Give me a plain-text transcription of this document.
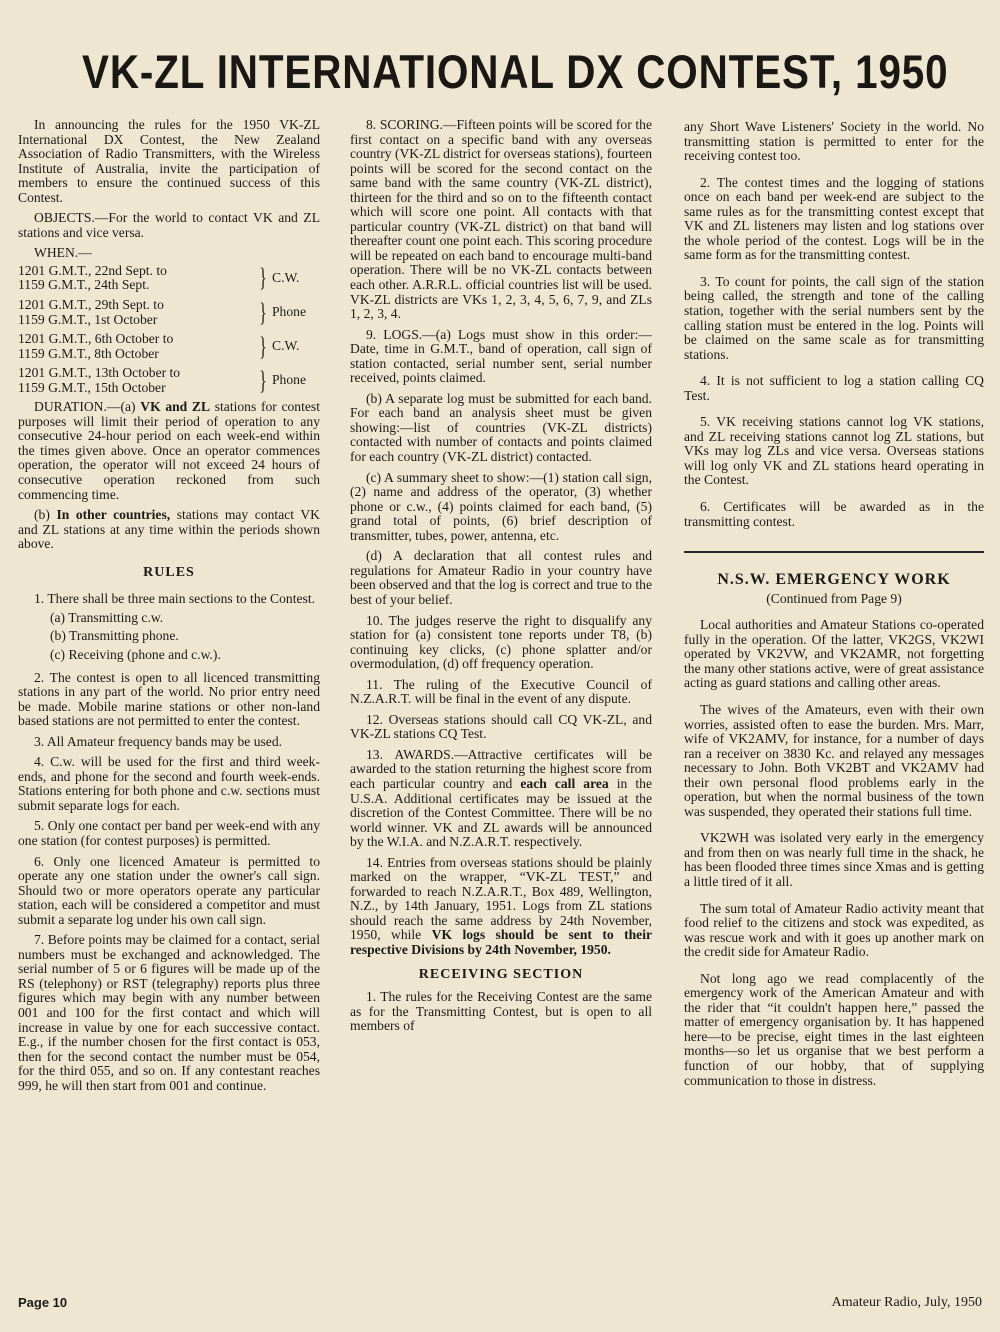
VK-ZL INTERNATIONAL DX CONTEST, 1950

In announcing the rules for the 1950 VK-ZL International DX Contest, the New Zealand Association of Radio Transmitters, with the Wireless Institute of Australia, invite the participation of members to ensure the continued success of this Contest.

OBJECTS.—For the world to contact VK and ZL stations and vice versa.

WHEN.—

1201 G.M.T., 22nd Sept. to
1159 G.M.T., 24th Sept.	} C.W.
1201 G.M.T., 29th Sept. to
1159 G.M.T., 1st October	} Phone
1201 G.M.T., 6th October to
1159 G.M.T., 8th October	} C.W.
1201 G.M.T., 13th October to
1159 G.M.T., 15th October	} Phone

DURATION.—(a) VK and ZL stations for contest purposes will limit their period of operation to any consecutive 24-hour period on each week-end within the times given above. Once an operator commences operation, the operator will not exceed 24 hours of consecutive operation reckoned from such commencing time.

(b) In other countries, stations may contact VK and ZL stations at any time within the periods shown above.

RULES

1. There shall be three main sections to the Contest.

(a) Transmitting c.w.

(b) Transmitting phone.

(c) Receiving (phone and c.w.).

2. The contest is open to all licenced transmitting stations in any part of the world. No prior entry need be made. Mobile marine stations or other non-land based stations are not permitted to enter the contest.

3. All Amateur frequency bands may be used.

4. C.w. will be used for the first and third week-ends, and phone for the second and fourth week-ends. Stations entering for both phone and c.w. sections must submit separate logs for each.

5. Only one contact per band per week-end with any one station (for contest purposes) is permitted.

6. Only one licenced Amateur is permitted to operate any one station under the owner's call sign. Should two or more operators operate any particular station, each will be considered a competitor and must submit a separate log under his own call sign.

7. Before points may be claimed for a contact, serial numbers must be exchanged and acknowledged. The serial number of 5 or 6 figures will be made up of the RS (telephony) or RST (telegraphy) reports plus three figures which may begin with any number between 001 and 100 for the first contact and which will increase in value by one for each successive contact. E.g., if the number chosen for the first contact is 053, then for the second contact the number must be 054, for the third 055, and so on. If any contestant reaches 999, he will then start from 001 and continue.

8. SCORING.—Fifteen points will be scored for the first contact on a specific band with any overseas country (VK-ZL district for overseas stations), fourteen points will be scored for the second contact on the same band with the same country (VK-ZL district), thirteen for the third and so on to the fifteenth contact which will score one point. All contacts with that particular country (VK-ZL district) on that band will thereafter count one point each. This scoring procedure will be repeated on each band to encourage multi-band operation. There will be no VK-ZL contacts between each other. A.R.R.L. official countries list will be used. VK-ZL districts are VKs 1, 2, 3, 4, 5, 6, 7, 9, and ZLs 1, 2, 3, 4.

9. LOGS.—(a) Logs must show in this order:—Date, time in G.M.T., band of operation, call sign of station contacted, serial number sent, serial number received, points claimed.

(b) A separate log must be submitted for each band. For each band an analysis sheet must be given showing:—list of countries (VK-ZL districts) contacted with number of contacts and points claimed for each country (VK-ZL district) contacted.

(c) A summary sheet to show:—(1) station call sign, (2) name and address of the operator, (3) whether phone or c.w., (4) points claimed for each band, (5) grand total of points, (6) brief description of transmitter, tubes, power, antenna, etc.

(d) A declaration that all contest rules and regulations for Amateur Radio in your country have been observed and that the log is correct and true to the best of your belief.

10. The judges reserve the right to disqualify any station for (a) consistent tone reports under T8, (b) continuing key clicks, (c) phone splatter and/or overmodulation, (d) off frequency operation.

11. The ruling of the Executive Council of N.Z.A.R.T. will be final in the event of any dispute.

12. Overseas stations should call CQ VK-ZL, and VK-ZL stations CQ Test.

13. AWARDS.—Attractive certificates will be awarded to the station returning the highest score from each particular country and each call area in the U.S.A. Additional certificates may be issued at the discretion of the Contest Committee. There will be no world winner. VK and ZL awards will be announced by the W.I.A. and N.Z.A.R.T. respectively.

14. Entries from overseas stations should be plainly marked on the wrapper, “VK-ZL TEST,” and forwarded to reach N.Z.A.R.T., Box 489, Wellington, N.Z., by 14th January, 1951. Logs from ZL stations should reach the same address by 24th November, 1950, while VK logs should be sent to their respective Divisions by 24th November, 1950.

RECEIVING SECTION

1. The rules for the Receiving Contest are the same as for the Transmitting Contest, but is open to all members of

any Short Wave Listeners' Society in the world. No transmitting station is permitted to enter for the receiving contest too.

2. The contest times and the logging of stations once on each band per week-end are subject to the same rules as for the transmitting contest except that VK and ZL listeners may listen and log stations over the whole period of the contest. Logs will be in the same form as for the transmitting contest.

3. To count for points, the call sign of the station being called, the strength and tone of the calling station, together with the serial numbers sent by the calling station must be entered in the log. Points will be claimed on the same scale as for transmitting stations.

4. It is not sufficient to log a station calling CQ Test.

5. VK receiving stations cannot log VK stations, and ZL receiving stations cannot log ZL stations, but VKs may log ZLs and vice versa. Overseas stations will log only VK and ZL stations heard operating in the Contest.

6. Certificates will be awarded as in the transmitting contest.

N.S.W. EMERGENCY WORK

(Continued from Page 9)

Local authorities and Amateur Stations co-operated fully in the operation. Of the latter, VK2GS, VK2WI operated by VK2VW, and VK2AMR, not forgetting the many other stations active, were of great assistance acting as guard stations and calling other areas.

The wives of the Amateurs, even with their own worries, assisted often to ease the burden. Mrs. Marr, wife of VK2AMV, for instance, for a number of days ran a receiver on 3830 Kc. and relayed any messages necessary to John. Both VK2BT and VK2AMV had their own personal flood problems early in the operation, but when the normal business of the town was suspended, they operated their stations full time.

VK2WH was isolated very early in the emergency and from then on was nearly full time in the shack, he has been flooded three times since Xmas and is getting a little tired of it all.

The sum total of Amateur Radio activity meant that food relief to the citizens and stock was expedited, as was rescue work and with it goes up another mark on the credit side for Amateur Radio.

Not long ago we read complacently of the emergency work of the American Amateur and with the rider that “it couldn't happen here,” passed the matter of emergency organisation by. It has happened here—to be precise, eight times in the last eighteen months—so let us organise that we best perform a function of our hobby, that of supplying communication to those in distress.

Page 10	Amateur Radio, July, 1950
